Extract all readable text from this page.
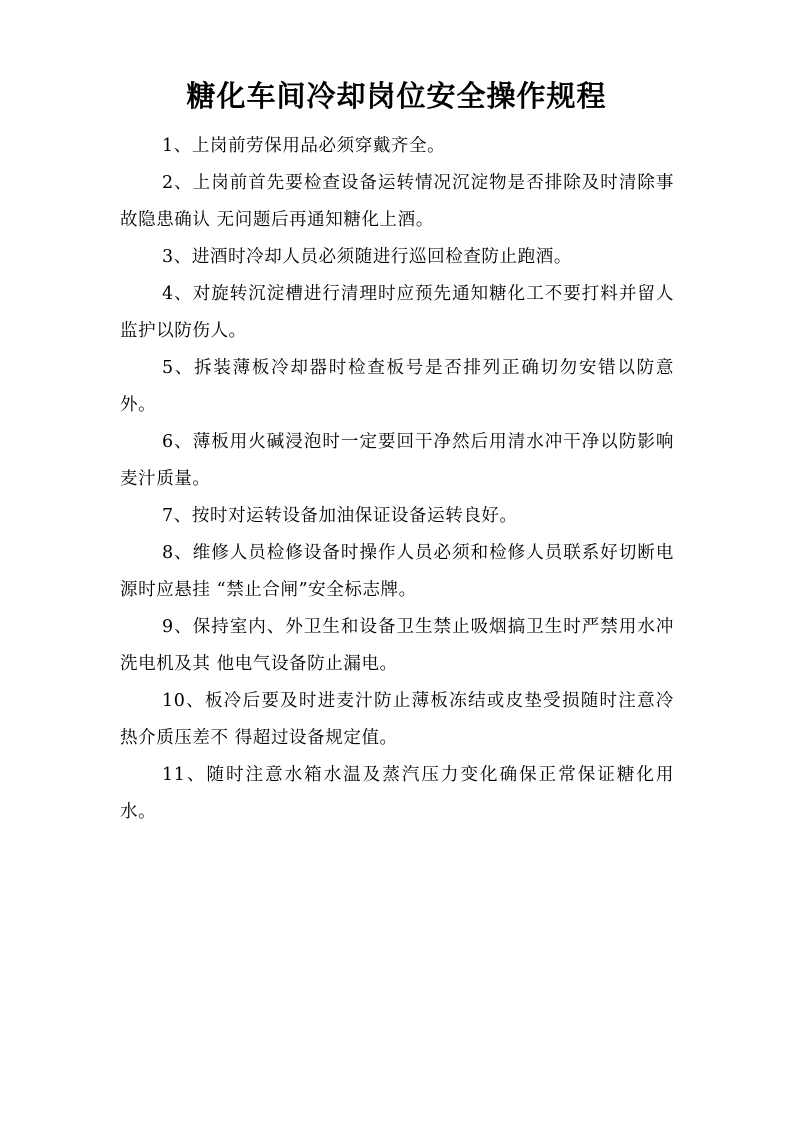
糖化车间冷却岗位安全操作规程
1、上岗前劳保用品必须穿戴齐全。
2、上岗前首先要检查设备运转情况沉淀物是否排除及时清除事故隐患确认 无问题后再通知糖化上酒。
3、进酒时冷却人员必须随进行巡回检查防止跑酒。
4、对旋转沉淀槽进行清理时应预先通知糖化工不要打料并留人监护以防伤人。
5、拆装薄板冷却器时检查板号是否排列正确切勿安错以防意外。
6、薄板用火碱浸泡时一定要回干净然后用清水冲干净以防影响麦汁质量。
7、按时对运转设备加油保证设备运转良好。
8、维修人员检修设备时操作人员必须和检修人员联系好切断电源时应悬挂 “禁止合闸”安全标志牌。
9、保持室内、外卫生和设备卫生禁止吸烟搞卫生时严禁用水冲洗电机及其 他电气设备防止漏电。
10、板冷后要及时进麦汁防止薄板冻结或皮垫受损随时注意冷热介质压差不 得超过设备规定值。
11、随时注意水箱水温及蒸汽压力变化确保正常保证糖化用水。
